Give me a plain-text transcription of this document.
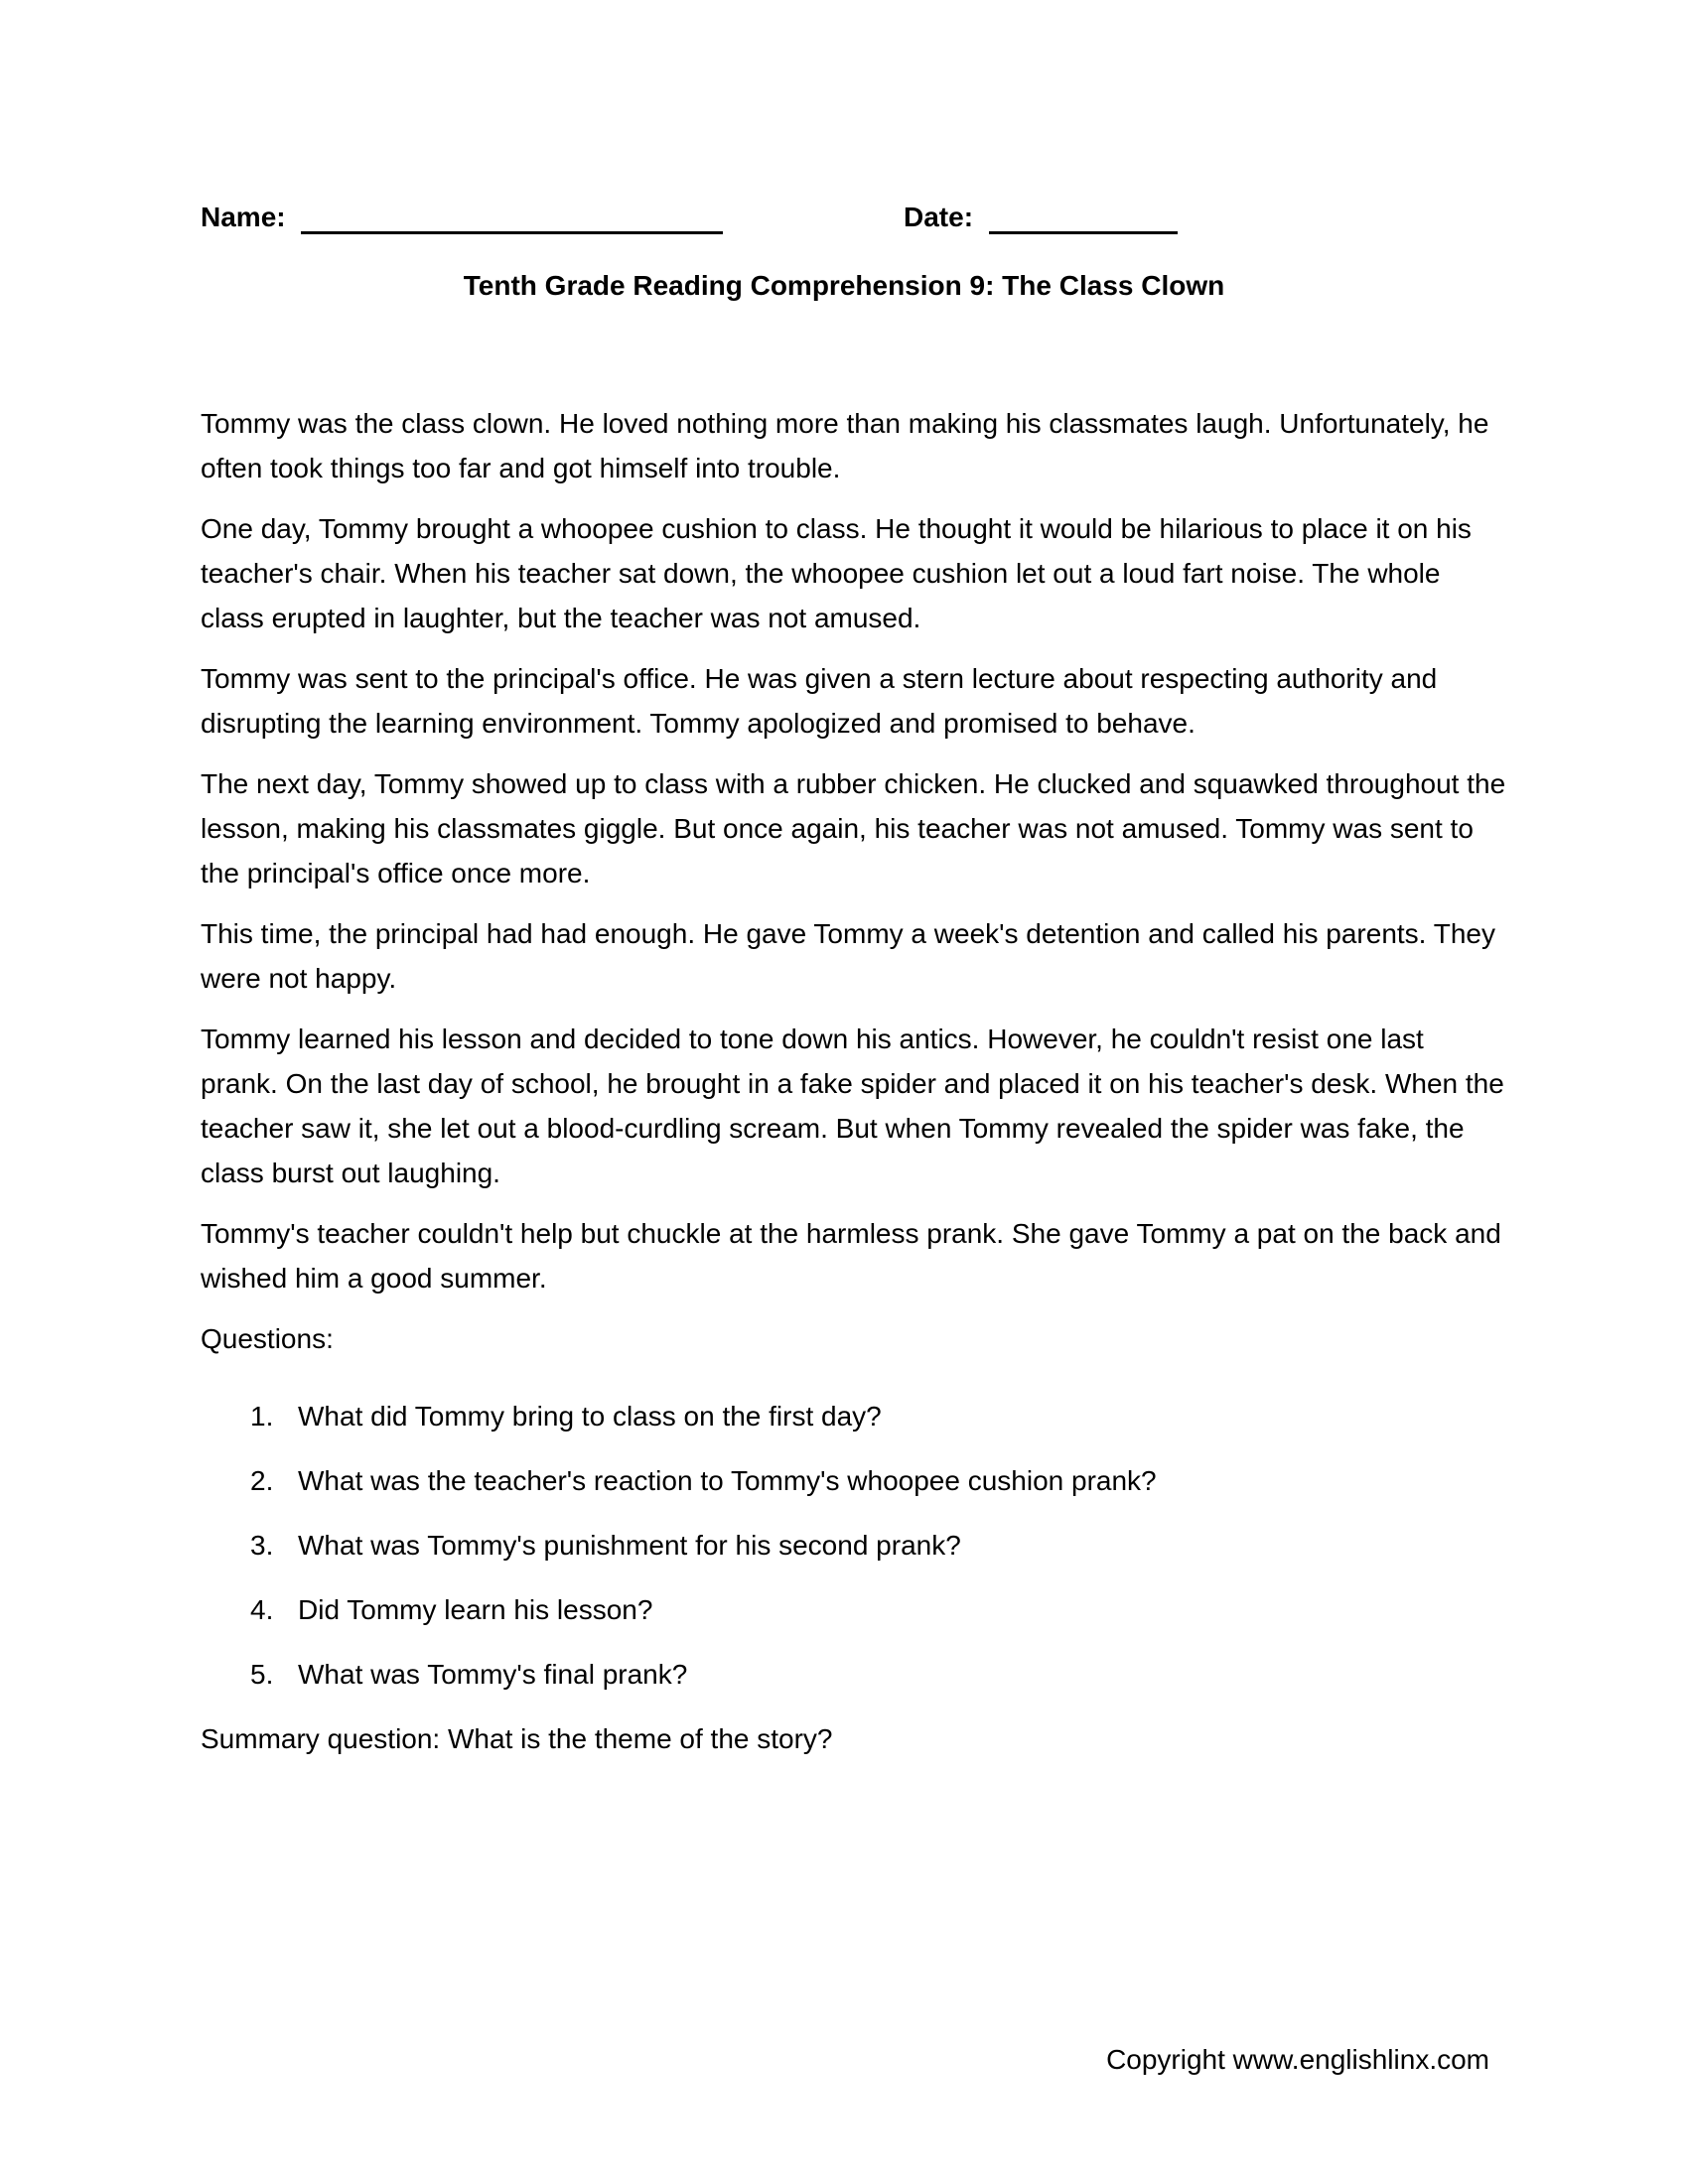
Name:	Date:
Tenth Grade Reading Comprehension 9: The Class Clown

Tommy was the class clown. He loved nothing more than making his classmates laugh. Unfortunately, he often took things too far and got himself into trouble.

One day, Tommy brought a whoopee cushion to class. He thought it would be hilarious to place it on his teacher's chair. When his teacher sat down, the whoopee cushion let out a loud fart noise. The whole class erupted in laughter, but the teacher was not amused.

Tommy was sent to the principal's office. He was given a stern lecture about respecting authority and disrupting the learning environment. Tommy apologized and promised to behave.

The next day, Tommy showed up to class with a rubber chicken. He clucked and squawked throughout the lesson, making his classmates giggle. But once again, his teacher was not amused. Tommy was sent to the principal's office once more.

This time, the principal had had enough. He gave Tommy a week's detention and called his parents. They were not happy.

Tommy learned his lesson and decided to tone down his antics. However, he couldn't resist one last prank. On the last day of school, he brought in a fake spider and placed it on his teacher's desk. When the teacher saw it, she let out a blood-curdling scream. But when Tommy revealed the spider was fake, the class burst out laughing.

Tommy's teacher couldn't help but chuckle at the harmless prank. She gave Tommy a pat on the back and wished him a good summer.

Questions:

1. What did Tommy bring to class on the first day?
2. What was the teacher's reaction to Tommy's whoopee cushion prank?
3. What was Tommy's punishment for his second prank?
4. Did Tommy learn his lesson?
5. What was Tommy's final prank?

Summary question: What is the theme of the story?

Copyright www.englishlinx.com
